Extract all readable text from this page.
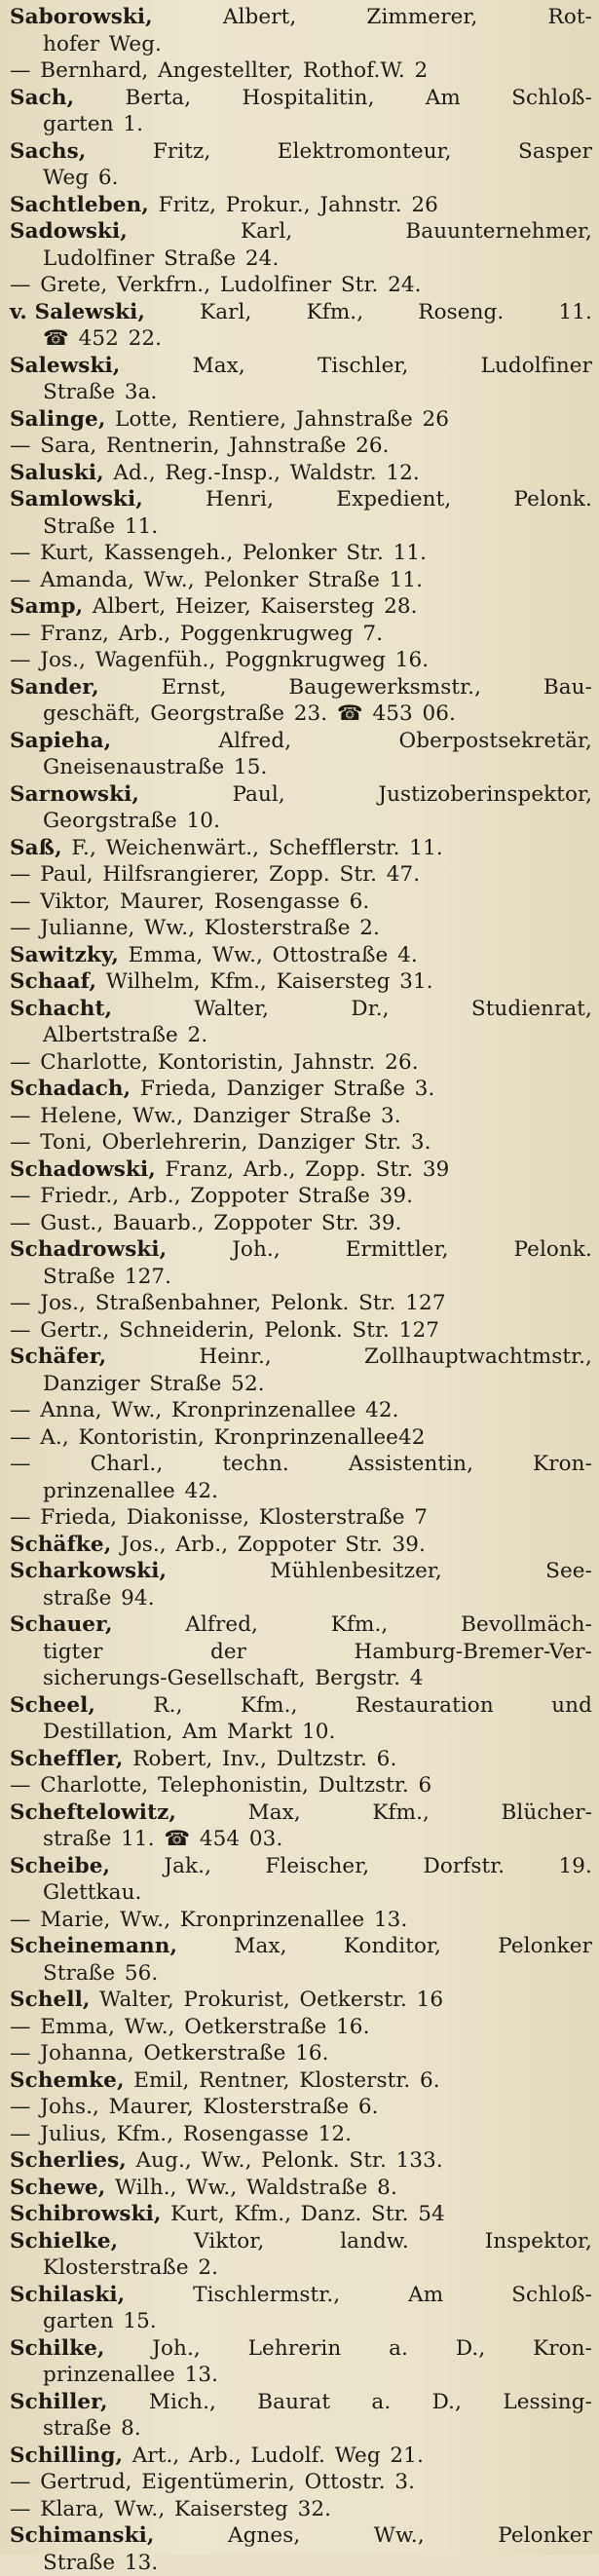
Saborowski,	Albert,	Zimmerer,	Rot-
hofer Weg.
— Bernhard, Angestellter, Rothof.W. 2
Sach, Berta, Hospitalitin, Am Schloß-
garten 1.
Sachs,	Fritz,	Elektromonteur,	Sasper
Weg 6.
Sachtleben, Fritz, Prokur., Jahnstr. 26
Sadowski,	Karl,	Bauunternehmer,
Ludolfiner Straße 24.
— Grete, Verkfrn., Ludolfiner Str. 24.
v. Salewski,	Karl,	Kfm.,	Roseng.	11.
☎ 452 22.
Salewski,	Max,	Tischler,	Ludolfiner
Straße 3a.
Salinge, Lotte, Rentiere, Jahnstraße 26
— Sara, Rentnerin, Jahnstraße 26.
Saluski, Ad., Reg.-Insp., Waldstr. 12.
Samlowski,	Henri,	Expedient,	Pelonk.
Straße 11.
— Kurt, Kassengeh., Pelonker Str. 11.
— Amanda, Ww., Pelonker Straße 11.
Samp, Albert, Heizer, Kaisersteg 28.
— Franz, Arb., Poggenkrugweg 7.
— Jos., Wagenfüh., Poggnkrugweg 16.
Sander,	Ernst,	Baugewerksmstr.,	Bau-
geschäft, Georgstraße 23. ☎ 453 06.
Sapieha,	Alfred,	Oberpostsekretär,
Gneisenaustraße 15.
Sarnowski,	Paul,	Justizoberinspektor,
Georgstraße 10.
Saß, F., Weichenwärt., Schefflerstr. 11.
— Paul, Hilfsrangierer, Zopp. Str. 47.
— Viktor, Maurer, Rosengasse 6.
— Julianne, Ww., Klosterstraße 2.
Sawitzky, Emma, Ww., Ottostraße 4.
Schaaf, Wilhelm, Kfm., Kaisersteg 31.
Schacht,	Walter,	Dr.,	Studienrat,
Albertstraße 2.
— Charlotte, Kontoristin, Jahnstr. 26.
Schadach, Frieda, Danziger Straße 3.
— Helene, Ww., Danziger Straße 3.
— Toni, Oberlehrerin, Danziger Str. 3.
Schadowski, Franz, Arb., Zopp. Str. 39
— Friedr., Arb., Zoppoter Straße 39.
— Gust., Bauarb., Zoppoter Str. 39.
Schadrowski,	Joh.,	Ermittler,	Pelonk.
Straße 127.
— Jos., Straßenbahner, Pelonk. Str. 127
— Gertr., Schneiderin, Pelonk. Str. 127
Schäfer,	Heinr.,	Zollhauptwachtmstr.,
Danziger Straße 52.
— Anna, Ww., Kronprinzenallee 42.
— A., Kontoristin, Kronprinzenallee42
—	Charl.,	techn.	Assistentin,	Kron-
prinzenallee 42.
— Frieda, Diakonisse, Klosterstraße 7
Schäfke, Jos., Arb., Zoppoter Str. 39.
Scharkowski,	Mühlenbesitzer,	See-
straße 94.
Schauer,	Alfred,	Kfm.,	Bevollmäch-
tigter	der	Hamburg-Bremer-Ver-
sicherungs-Gesellschaft, Bergstr. 4
Scheel,	R.,	Kfm.,	Restauration	und
Destillation, Am Markt 10.
Scheffler, Robert, Inv., Dultzstr. 6.
— Charlotte, Telephonistin, Dultzstr. 6
Scheftelowitz,	Max,	Kfm.,	Blücher-
straße 11. ☎ 454 03.
Scheibe,	Jak.,	Fleischer,	Dorfstr.	19.
Glettkau.
— Marie, Ww., Kronprinzenallee 13.
Scheinemann,	Max,	Konditor,	Pelonker
Straße 56.
Schell, Walter, Prokurist, Oetkerstr. 16
— Emma, Ww., Oetkerstraße 16.
— Johanna, Oetkerstraße 16.
Schemke, Emil, Rentner, Klosterstr. 6.
— Johs., Maurer, Klosterstraße 6.
— Julius, Kfm., Rosengasse 12.
Scherlies, Aug., Ww., Pelonk. Str. 133.
Schewe, Wilh., Ww., Waldstraße 8.
Schibrowski, Kurt, Kfm., Danz. Str. 54
Schielke,	Viktor,	landw.	Inspektor,
Klosterstraße 2.
Schilaski,	Tischlermstr.,	Am	Schloß-
garten 15.
Schilke, Joh., Lehrerin a. D., Kron-
prinzenallee 13.
Schiller, Mich., Baurat a. D., Lessing-
straße 8.
Schilling, Art., Arb., Ludolf. Weg 21.
— Gertrud, Eigentümerin, Ottostr. 3.
— Klara, Ww., Kaisersteg 32.
Schimanski,	Agnes,	Ww.,	Pelonker
Straße 13.
